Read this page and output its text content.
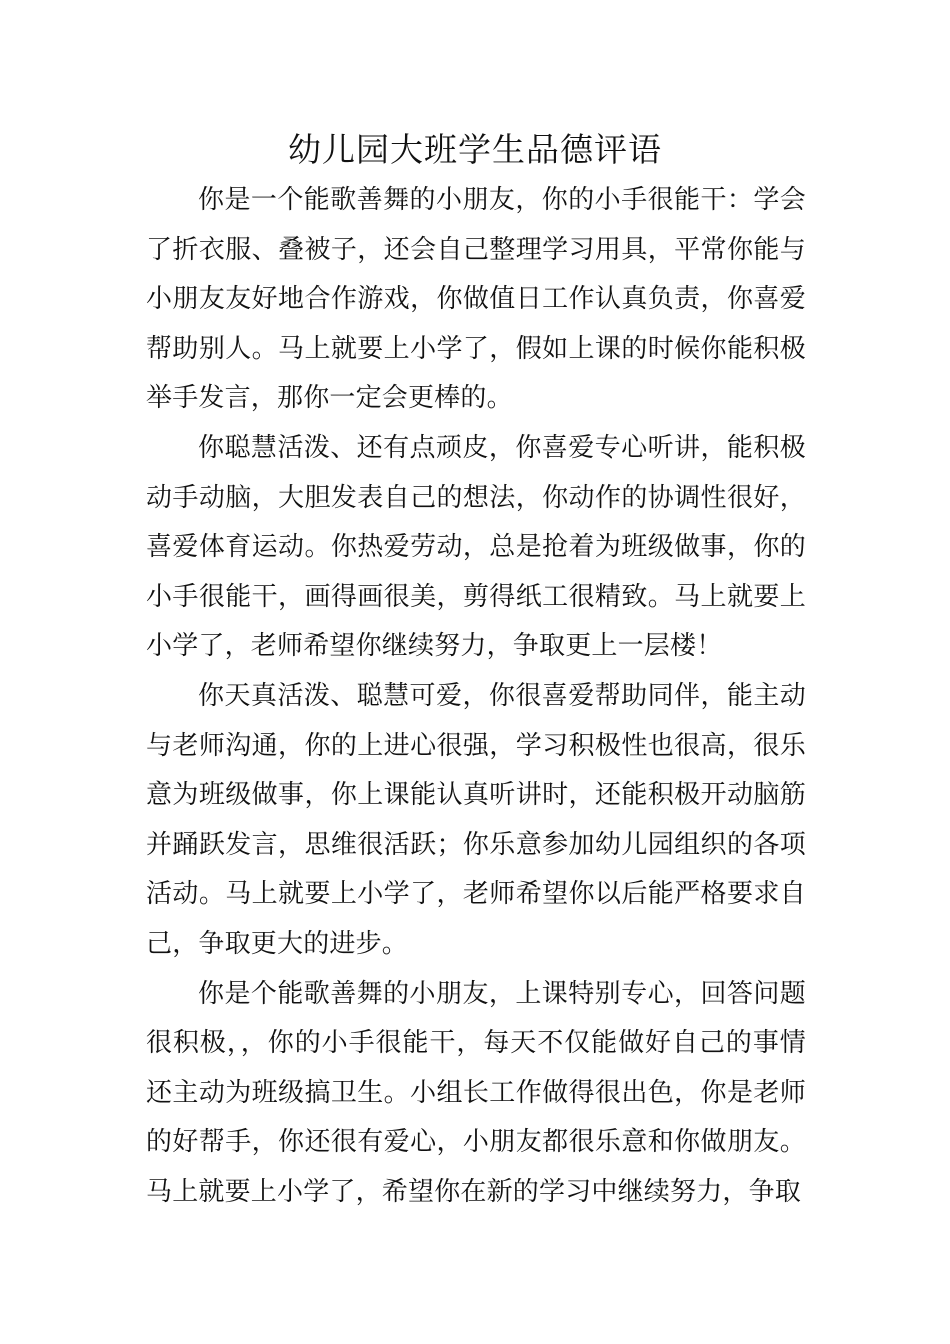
幼儿园大班学生品德评语

你是一个能歌善舞的小朋友，你的小手很能干：学会了折衣服、叠被子，还会自己整理学习用具，平常你能与小朋友友好地合作游戏，你做值日工作认真负责，你喜爱帮助别人。马上就要上小学了，假如上课的时候你能积极举手发言，那你一定会更棒的。

你聪慧活泼、还有点顽皮，你喜爱专心听讲，能积极动手动脑，大胆发表自己的想法，你动作的协调性很好，喜爱体育运动。你热爱劳动，总是抢着为班级做事，你的小手很能干，画得画很美，剪得纸工很精致。马上就要上小学了，老师希望你继续努力，争取更上一层楼！

你天真活泼、聪慧可爱，你很喜爱帮助同伴，能主动与老师沟通，你的上进心很强，学习积极性也很高，很乐意为班级做事，你上课能认真听讲时，还能积极开动脑筋并踊跃发言，思维很活跃；你乐意参加幼儿园组织的各项活动。马上就要上小学了，老师希望你以后能严格要求自己，争取更大的进步。

你是个能歌善舞的小朋友，上课特别专心，回答问题很积极，，你的小手很能干，每天不仅能做好自己的事情还主动为班级搞卫生。小组长工作做得很出色，你是老师的好帮手，你还很有爱心，小朋友都很乐意和你做朋友。马上就要上小学了，希望你在新的学习中继续努力，争取
